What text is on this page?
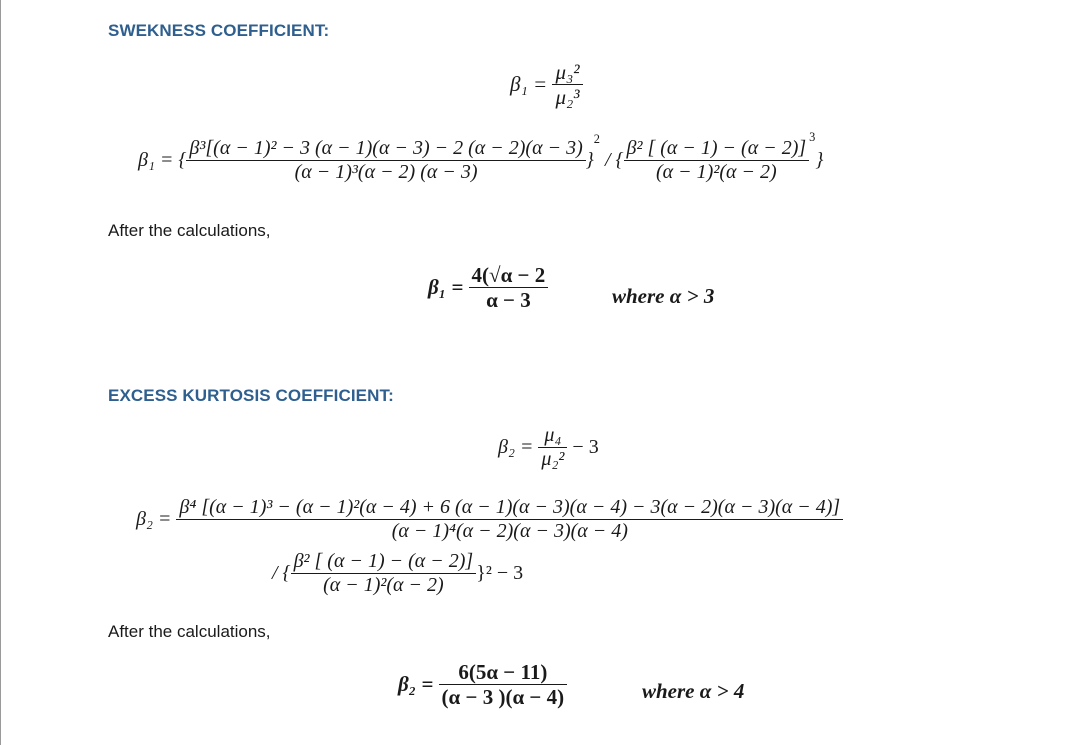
SWEKNESS COEFFICIENT:
$\beta_1 = \frac{\text{μ₃²}}{\text{μ₂³}}$
β₁ = { $\frac{\text{β³[(α − 1)² − 3 (α − 1)(α − 3) − 2 (α − 2)(α − 3)}}{\text{(α − 1)³(α − 2) (α − 3)}} \}^2$ / { $\frac{\text{β² [ (α − 1) − (α − 2)]}}{\text{(α − 1)²(α − 2)}} ^3$}
After the calculations,
$\beta_1 = \frac{4(√\alpha - 2}{\alpha - 3}$	where α > 3
EXCESS KURTOSIS COEFFICIENT:
$\beta_2 = \frac{\text{μ₄}}{\text{μ₂²}} - 3$
β₂ =
β⁴ [(α − 1)³ − (α − 1)²(α − 4) + 6 (α − 1)(α − 3)(α − 4) − 3(α − 2)(α − 3)(α − 4)]
(α − 1)⁴(α − 2)(α − 3)(α − 4)
/ { $\frac{\text{β² [ (α − 1) − (α − 2)]}}{\text{(α − 1)²(α − 2)}} \}^2 - 3$
After the calculations,
$\beta_2 = \frac{6(5\alpha - 11)}{(\alpha - 3 )(\alpha - 4)}$	where α > 4
